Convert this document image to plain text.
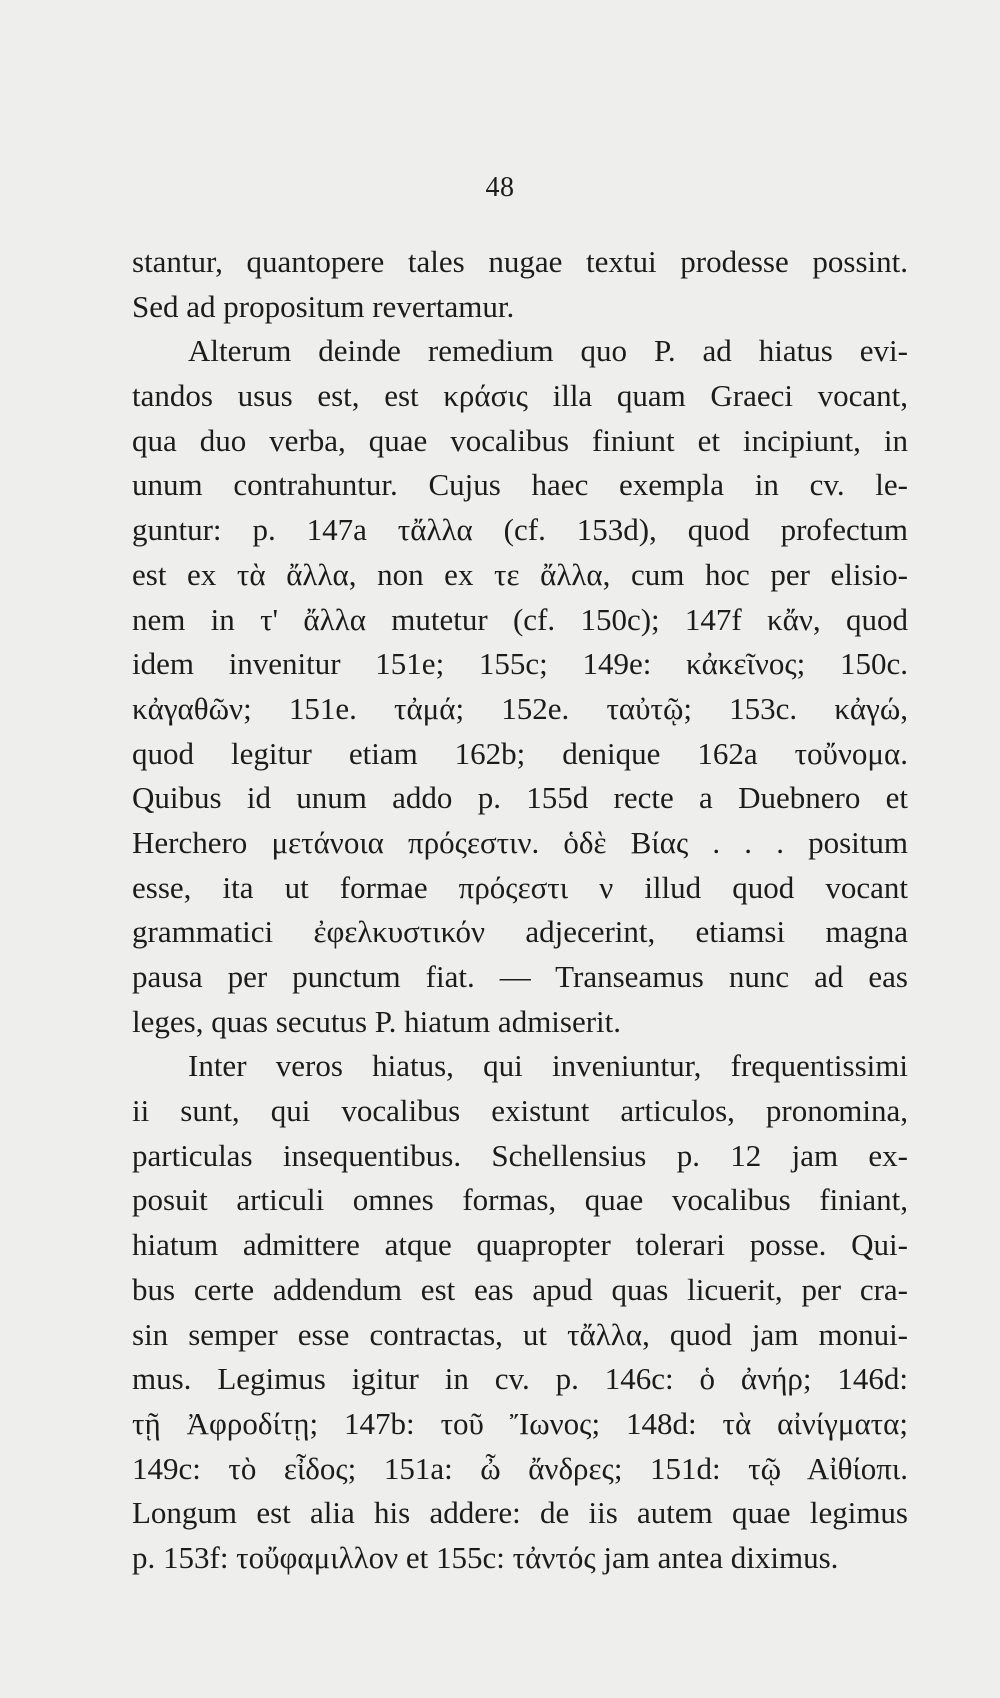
48
stantur, quantopere tales nugae textui prodesse possint.
Sed ad propositum revertamur.
Alterum deinde remedium quo P. ad hiatus evi-
tandos usus est, est κράσις illa quam Graeci vocant,
qua duo verba, quae vocalibus finiunt et incipiunt, in
unum contrahuntur. Cujus haec exempla in cv. le-
guntur: p. 147a τἄλλα (cf. 153d), quod profectum
est ex τὰ ἄλλα, non ex τε ἄλλα, cum hoc per elisio-
nem in τ' ἄλλα mutetur (cf. 150c); 147f κἄν, quod
idem invenitur 151e; 155c; 149e: κἀκεῖνος; 150c.
κἀγαθῶν; 151e. τἀμά; 152e. ταὐτῷ; 153c. κἀγώ,
quod legitur etiam 162b; denique 162a τοὔνομα.
Quibus id unum addo p. 155d recte a Duebnero et
Herchero μετάνοια πρόςεστιν. ὁδὲ Βίας . . . positum
esse, ita ut formae πρόςεστι ν illud quod vocant
grammatici ἐφελκυστικόν adjecerint, etiamsi magna
pausa per punctum fiat. — Transeamus nunc ad eas
leges, quas secutus P. hiatum admiserit.
Inter veros hiatus, qui inveniuntur, frequentissimi
ii sunt, qui vocalibus existunt articulos, pronomina,
particulas insequentibus. Schellensius p. 12 jam ex-
posuit articuli omnes formas, quae vocalibus finiant,
hiatum admittere atque quapropter tolerari posse. Qui-
bus certe addendum est eas apud quas licuerit, per cra-
sin semper esse contractas, ut τἄλλα, quod jam monui-
mus. Legimus igitur in cv. p. 146c: ὁ ἀνήρ; 146d:
τῇ Ἀφροδίτῃ; 147b: τοῦ Ἴωνος; 148d: τὰ αἰνίγματα;
149c: τὸ εἶδος; 151a: ὦ ἄνδρες; 151d: τῷ Αἰθίοπι.
Longum est alia his addere: de iis autem quae legimus
p. 153f: τοὔφαμιλλον et 155c: τἀντός jam antea diximus.
